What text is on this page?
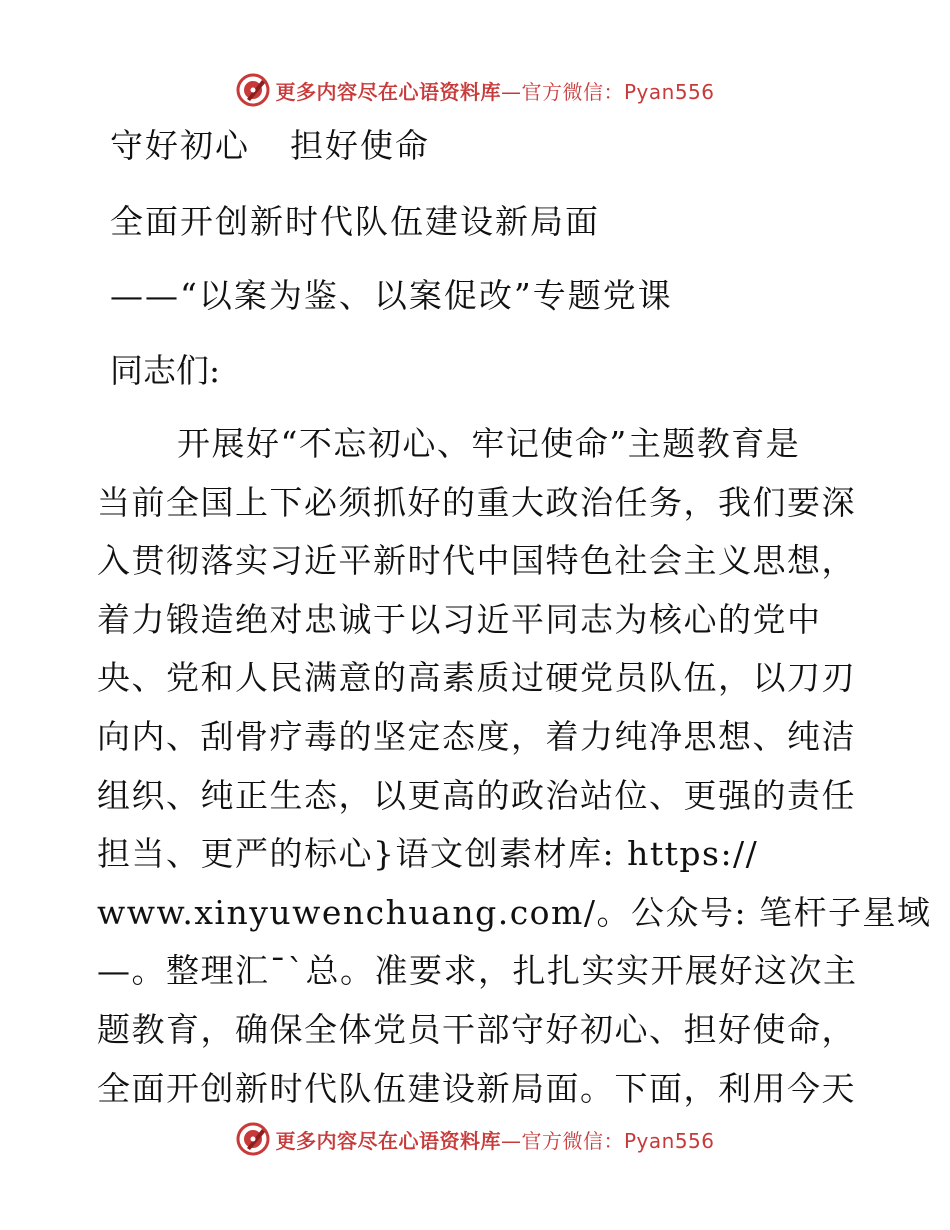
更多内容尽在心语资料库—官方微信：Pyan556
守好初心 担好使命
全面开创新时代队伍建设新局面
——“以案为鉴、以案促改”专题党课
同志们:
开展好“不忘初心、牢记使命”主题教育是
当前全国上下必须抓好的重大政治任务，我们要深
入贯彻落实习近平新时代中国特色社会主义思想，
着力锻造绝对忠诚于以习近平同志为核心的党中
央、党和人民满意的高素质过硬党员队伍，以刀刃
向内、刮骨疗毒的坚定态度，着力纯净思想、纯洁
组织、纯正生态，以更高的政治站位、更强的责任
担当、更严的标心}语文创素材库: https://
www.xinyuwenchuang.com/。公众号: 笔杆子星域
—。整理汇¯`总。准要求，扎扎实实开展好这次主
题教育，确保全体党员干部守好初心、担好使命，
全面开创新时代队伍建设新局面。下面，利用今天
更多内容尽在心语资料库—官方微信：Pyan556
